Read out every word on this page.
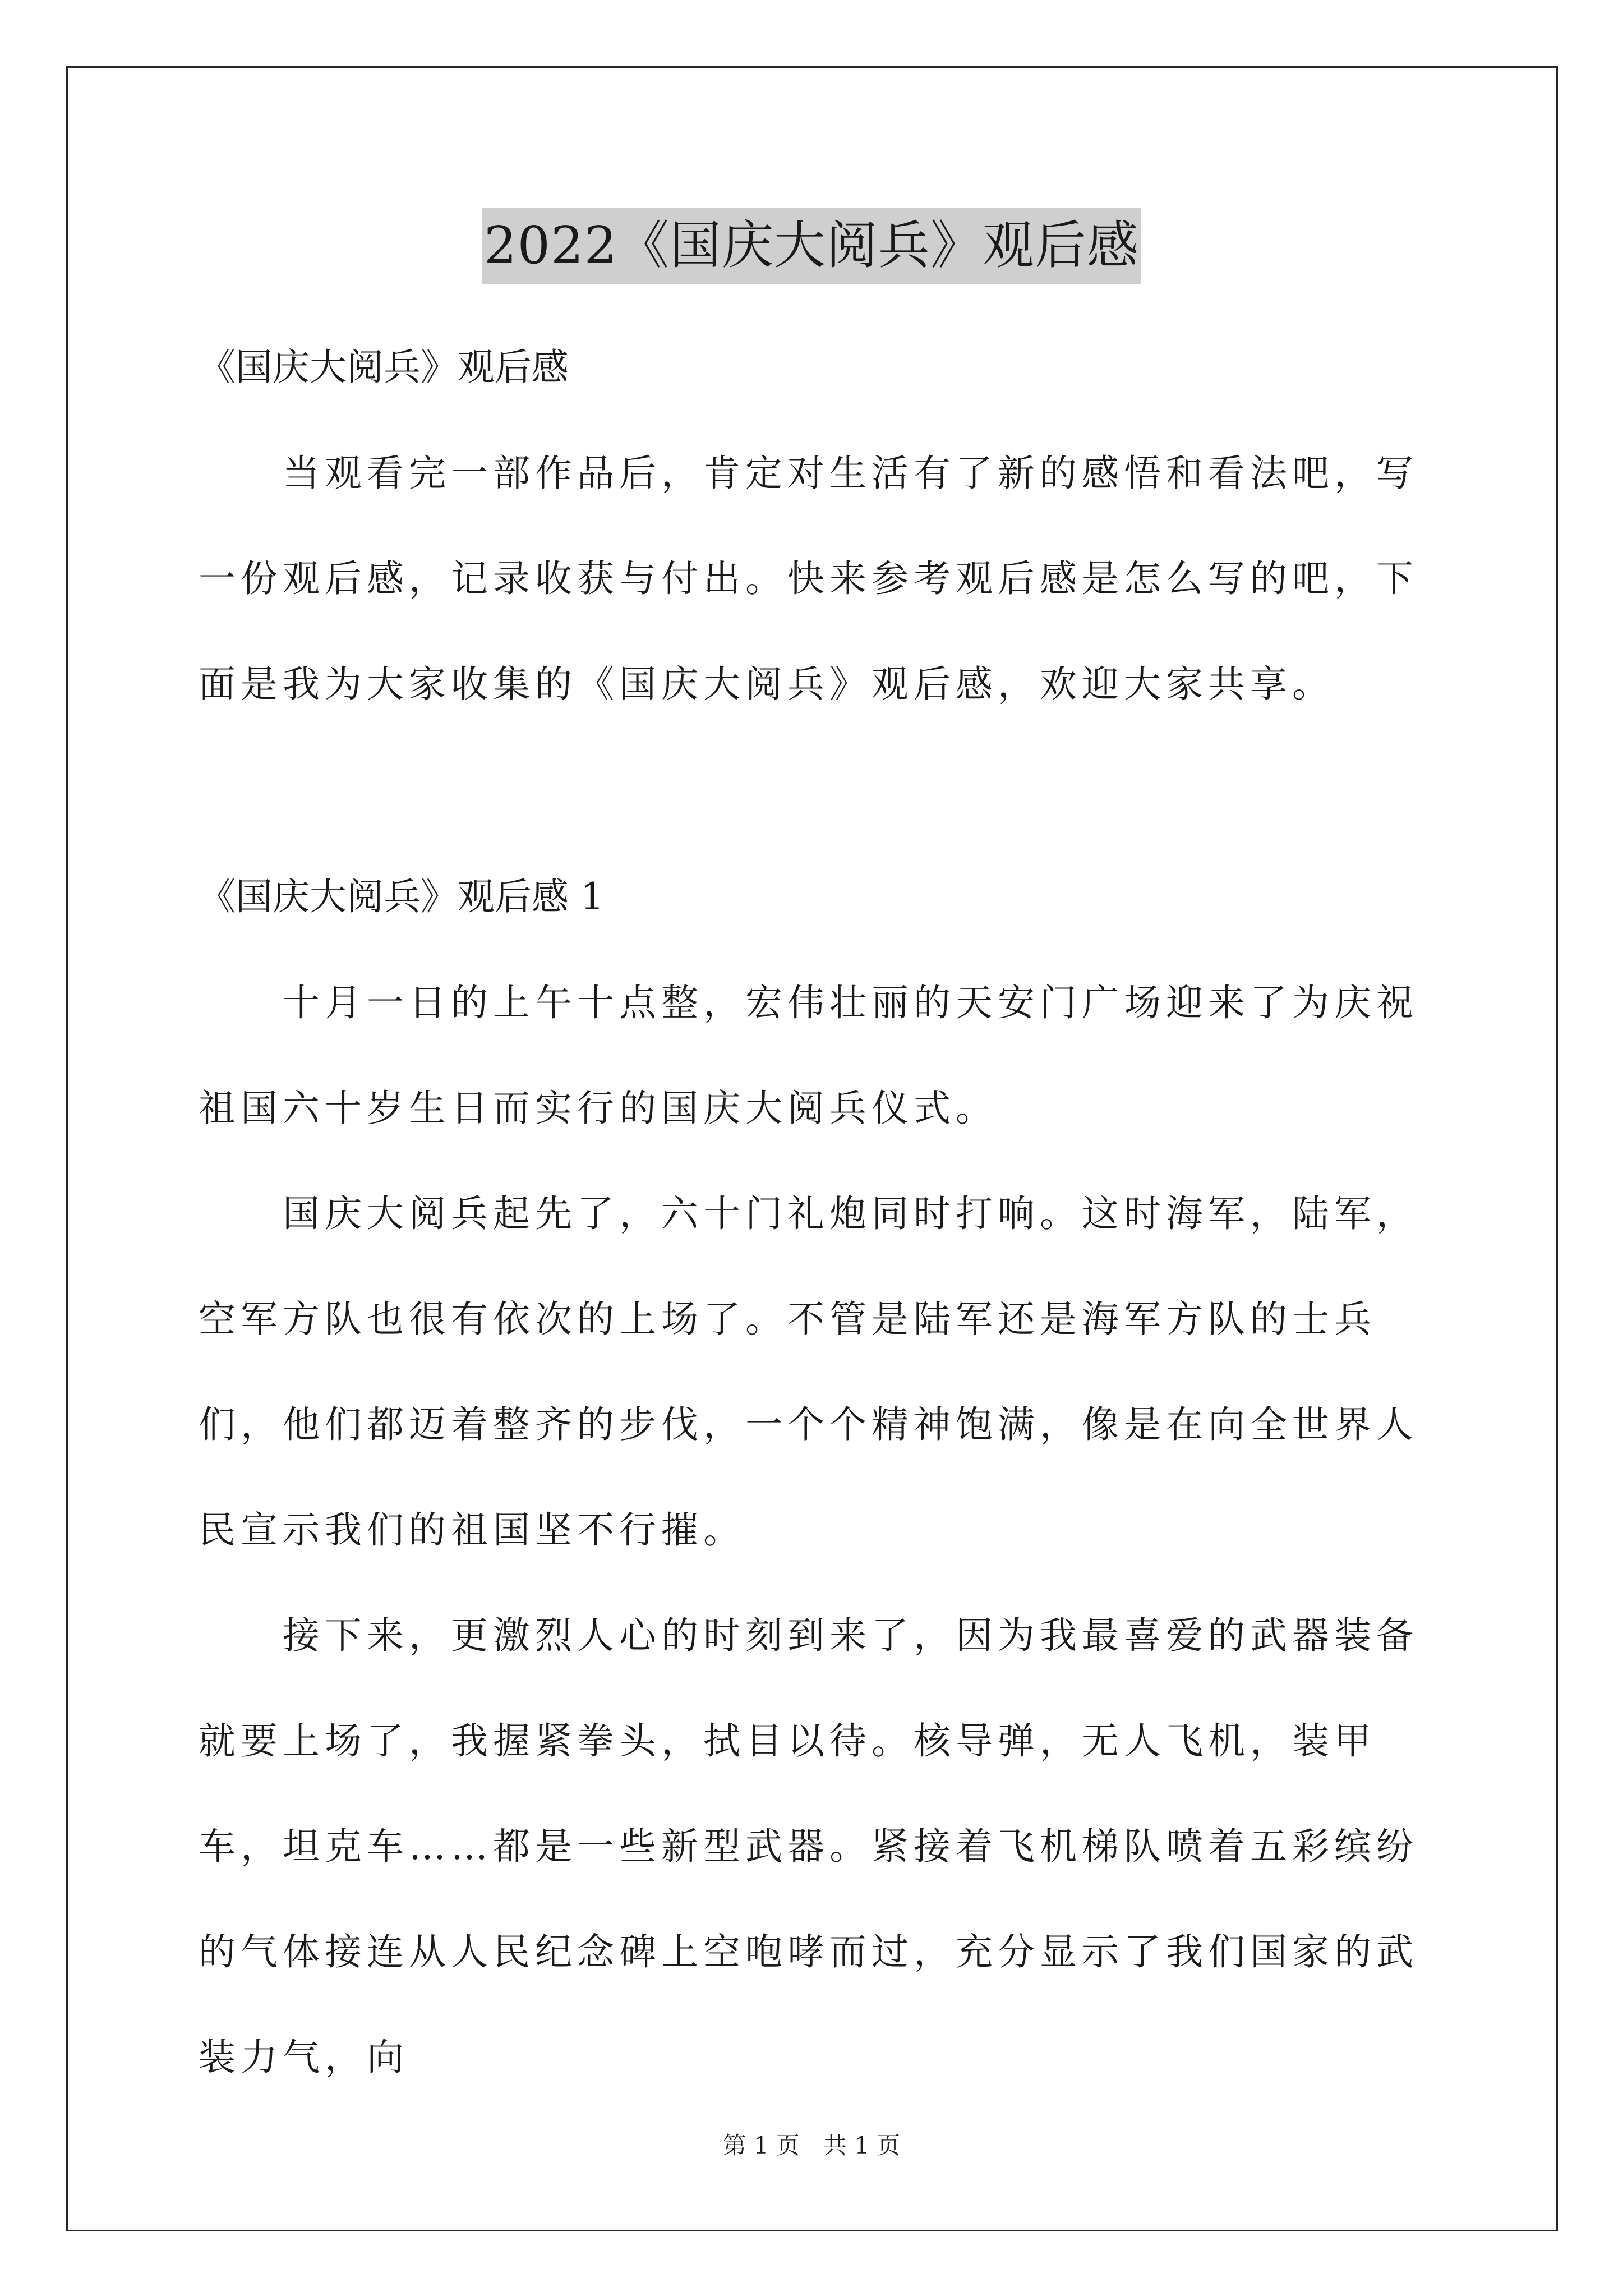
2022《国庆大阅兵》观后感

《国庆大阅兵》观后感

当观看完一部作品后，肯定对生活有了新的感悟和看法吧，写一份观后感，记录收获与付出。快来参考观后感是怎么写的吧，下面是我为大家收集的《国庆大阅兵》观后感，欢迎大家共享。

《国庆大阅兵》观后感 1

十月一日的上午十点整，宏伟壮丽的天安门广场迎来了为庆祝祖国六十岁生日而实行的国庆大阅兵仪式。

国庆大阅兵起先了，六十门礼炮同时打响。这时海军，陆军，空军方队也很有依次的上场了。不管是陆军还是海军方队的士兵们，他们都迈着整齐的步伐，一个个精神饱满，像是在向全世界人民宣示我们的祖国坚不行摧。

接下来，更激烈人心的时刻到来了，因为我最喜爱的武器装备就要上场了，我握紧拳头，拭目以待。核导弹，无人飞机，装甲车，坦克车……都是一些新型武器。紧接着飞机梯队喷着五彩缤纷的气体接连从人民纪念碑上空咆哮而过，充分显示了我们国家的武装力气，向

第 1 页　共 1 页
